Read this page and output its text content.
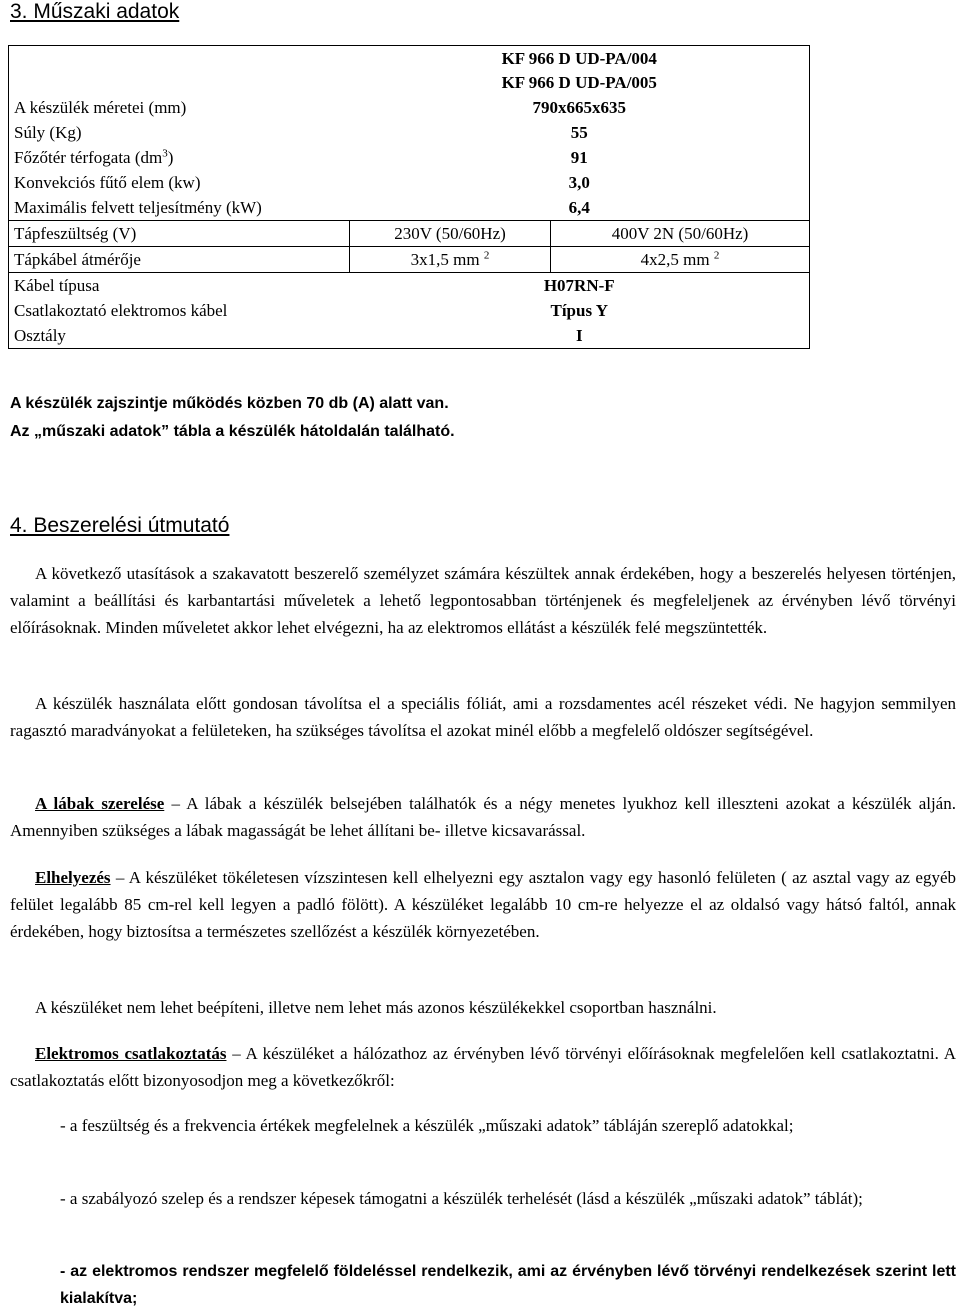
3. Műszaki adatok

	KF 966 D UD-PA/004
KF 966 D UD-PA/005	

A készülék méretei (mm)	790x665x635	
Súly (Kg)	55	
Főzőtér térfogata $(dm^3)$	91	
Konvekciós fűtő elem (kw)	3,0	
Maximális felvett teljesítmény (kW)	6,4	
Tápfeszültség (V)	230V (50/60Hz)	400V 2N (50/60Hz)
Tápkábel átmérője	3x1,5 mm $^2$	4x2,5 mm $^2$
Kábel típusa	H07RN-F	
Csatlakoztató elektromos kábel	Típus Y	
Osztály	I	

A készülék zajszintje működés közben 70 db (A) alatt van.

Az „műszaki adatok” tábla a készülék hátoldalán található.

4. Beszerelési útmutató

A következő utasítások a szakavatott beszerelő személyzet számára készültek annak érdekében, hogy a beszerelés helyesen történjen, valamint a beállítási és karbantartási műveletek a lehető legpontosabban történjenek és megfeleljenek az érvényben lévő törvényi előírásoknak. Minden műveletet akkor lehet elvégezni, ha az elektromos ellátást a készülék felé megszüntették.

A készülék használata előtt gondosan távolítsa el a speciális fóliát, ami a rozsdamentes acél részeket védi. Ne hagyjon semmilyen ragasztó maradványokat a felületeken, ha szükséges távolítsa el azokat minél előbb a megfelelő oldószer segítségével.

A lábak szerelése – A lábak a készülék belsejében találhatók és a négy menetes lyukhoz kell illeszteni azokat a készülék alján. Amennyiben szükséges a lábak magasságát be lehet állítani be- illetve kicsavarással.

Elhelyezés – A készüléket tökéletesen vízszintesen kell elhelyezni egy asztalon vagy egy hasonló felületen ( az asztal vagy az egyéb felület legalább 85 cm-rel kell legyen a padló fölött). A készüléket legalább 10 cm-re helyezze el az oldalsó vagy hátsó faltól, annak érdekében, hogy biztosítsa a természetes szellőzést a készülék környezetében.

A készüléket nem lehet beépíteni, illetve nem lehet más azonos készülékekkel csoportban használni.

Elektromos csatlakoztatás – A készüléket a hálózathoz az érvényben lévő törvényi előírásoknak megfelelően kell csatlakoztatni. A csatlakoztatás előtt bizonyosodjon meg a következőkről:

- a feszültség és a frekvencia értékek megfelelnek a készülék „műszaki adatok” tábláján szereplő adatokkal;

- a szabályozó szelep és a rendszer képesek támogatni a készülék terhelését (lásd a készülék „műszaki adatok” táblát);

- az elektromos rendszer megfelelő földeléssel rendelkezik, ami az érvényben lévő törvényi rendelkezések szerint lett kialakítva;
